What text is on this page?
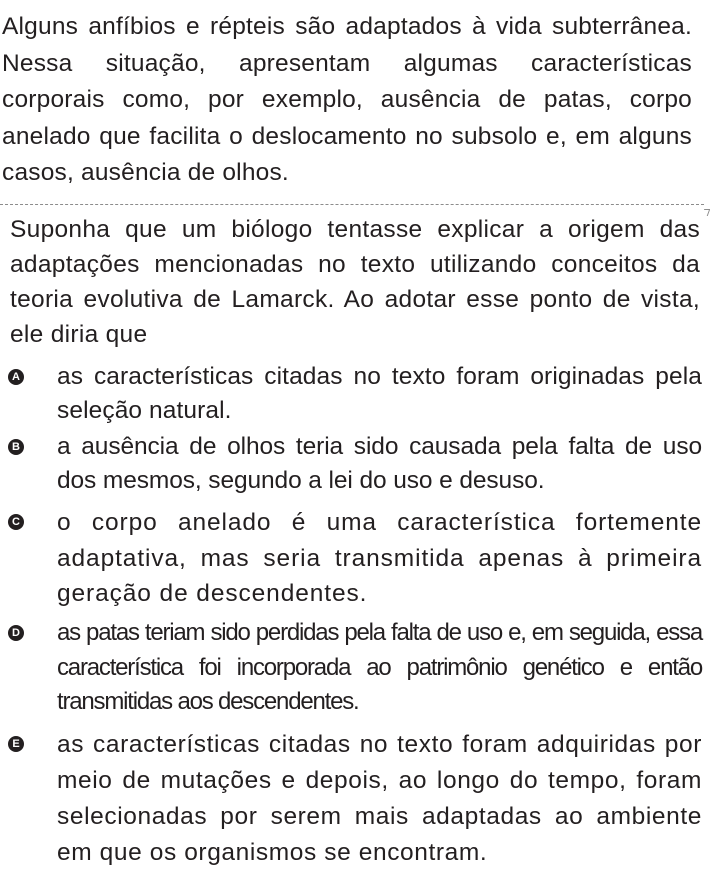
Alguns anfíbios e répteis são adaptados à vida subterrânea. Nessa situação, apresentam algumas características corporais como, por exemplo, ausência de patas, corpo anelado que facilita o deslocamento no subsolo e, em alguns casos, ausência de olhos.
Suponha que um biólogo tentasse explicar a origem das adaptações mencionadas no texto utilizando conceitos da teoria evolutiva de Lamarck. Ao adotar esse ponto de vista, ele diria que
A as características citadas no texto foram originadas pela seleção natural.
B a ausência de olhos teria sido causada pela falta de uso dos mesmos, segundo a lei do uso e desuso.
C o corpo anelado é uma característica fortemente adaptativa, mas seria transmitida apenas à primeira geração de descendentes.
D as patas teriam sido perdidas pela falta de uso e, em seguida, essa característica foi incorporada ao patrimônio genético e então transmitidas aos descendentes.
E as características citadas no texto foram adquiridas por meio de mutações e depois, ao longo do tempo, foram selecionadas por serem mais adaptadas ao ambiente em que os organismos se encontram.
